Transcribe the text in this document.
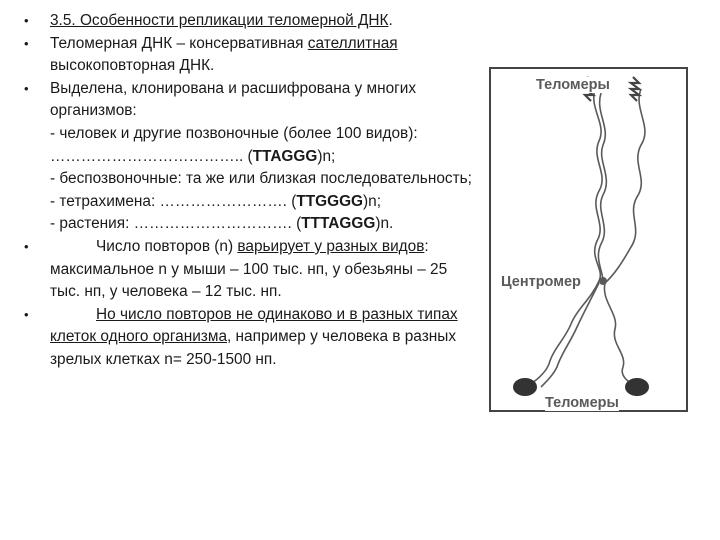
• 3.5. Особенности репликации теломерной ДНК.
• Теломерная ДНК – консервативная сателлитная
высокоповторная ДНК.
• Выделена, клонирована и расшифрована у многих организмов:
- человек и другие позвоночные (более 100 видов): ……………………………….. (TTAGGG)n;
- беспозвоночные: та же или близкая последовательность;
- тетрахимена: ……………………. (TTGGGG)n;
- растения: …………………………. (TTTAGGG)n.
• Число повторов (n) варьирует у разных видов: максимальное n у мыши – 100 тыс. нп, у обезьяны – 25 тыс. нп, у человека – 12 тыс. нп.
• Но число повторов не одинаково и в разных типах клеток одного организма, например у человека в разных зрелых клетках n= 250-1500 нп.
Теломеры
Центромер
Теломеры
